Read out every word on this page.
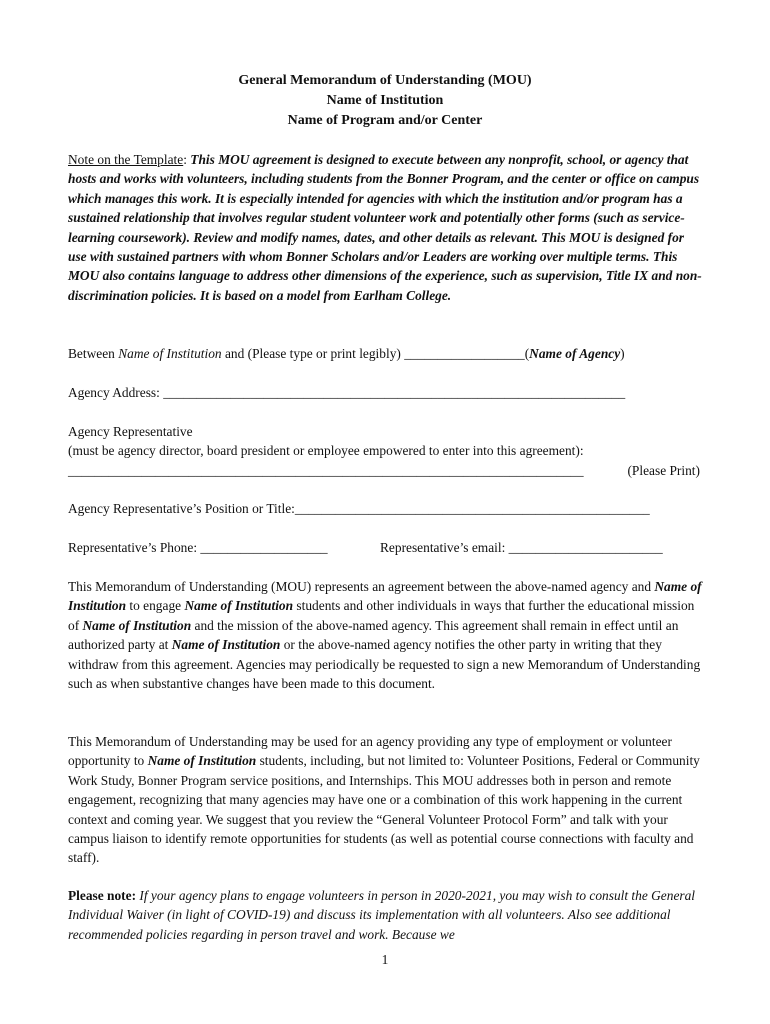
General Memorandum of Understanding (MOU)
Name of Institution
Name of Program and/or Center
Note on the Template: This MOU agreement is designed to execute between any nonprofit, school, or agency that hosts and works with volunteers, including students from the Bonner Program, and the center or office on campus which manages this work. It is especially intended for agencies with which the institution and/or program has a sustained relationship that involves regular student volunteer work and potentially other forms (such as service-learning coursework). Review and modify names, dates, and other details as relevant. This MOU is designed for use with sustained partners with whom Bonner Scholars and/or Leaders are working over multiple terms. This MOU also contains language to address other dimensions of the experience, such as supervision, Title IX and non-discrimination policies. It is based on a model from Earlham College.
Between Name of Institution and (Please type or print legibly) __________________(Name of Agency)
Agency Address: _____________________________________________________________________
Agency Representative
(must be agency director, board president or employee empowered to enter into this agreement):
_____________________________________________________________________________	(Please Print)
Agency Representative’s Position or Title:_____________________________________________________
Representative’s Phone: ___________________	Representative’s email: _______________________
This Memorandum of Understanding (MOU) represents an agreement between the above-named agency and Name of Institution to engage Name of Institution students and other individuals in ways that further the educational mission of Name of Institution and the mission of the above-named agency. This agreement shall remain in effect until an authorized party at Name of Institution or the above-named agency notifies the other party in writing that they withdraw from this agreement. Agencies may periodically be requested to sign a new Memorandum of Understanding such as when substantive changes have been made to this document.
This Memorandum of Understanding may be used for an agency providing any type of employment or volunteer opportunity to Name of Institution students, including, but not limited to: Volunteer Positions, Federal or Community Work Study, Bonner Program service positions, and Internships. This MOU addresses both in person and remote engagement, recognizing that many agencies may have one or a combination of this work happening in the current context and coming year. We suggest that you review the “General Volunteer Protocol Form” and talk with your campus liaison to identify remote opportunities for students (as well as potential course connections with faculty and staff).
Please note: If your agency plans to engage volunteers in person in 2020-2021, you may wish to consult the General Individual Waiver (in light of COVID-19) and discuss its implementation with all volunteers. Also see additional recommended policies regarding in person travel and work. Because we
1
